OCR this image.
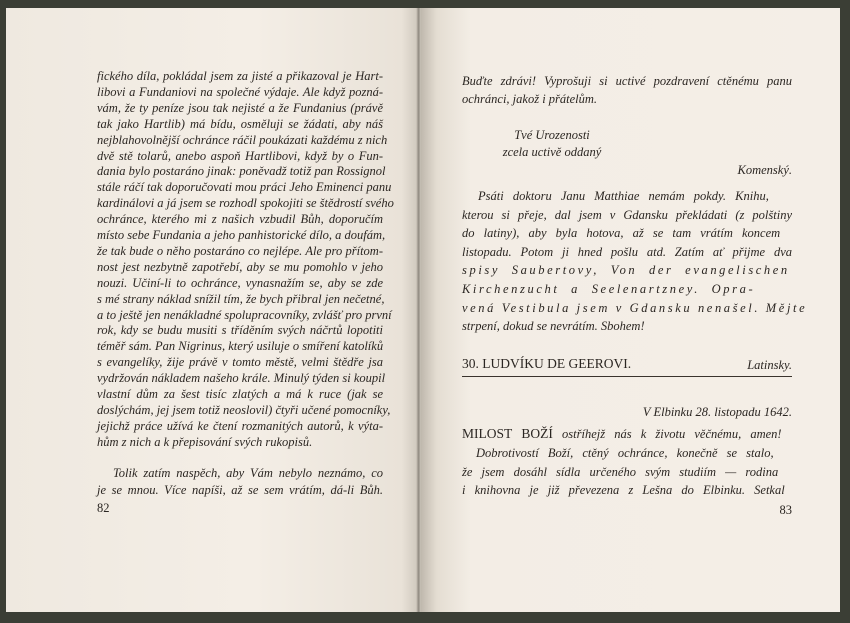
fického díla, pokládal jsem za jisté a přikazoval je Hart-
libovi a Fundaniovi na společné výdaje. Ale když pozná-
vám, že ty peníze jsou tak nejisté a že Fundanius (právě
tak jako Hartlib) má bídu, osměluji se žádati, aby náš
nejblahovolnější ochránce ráčil poukázati každému z nich
dvě stě tolarů, anebo aspoň Hartlibovi, když by o Fun-
dania bylo postaráno jinak: poněvadž totiž pan Rossignol
stále ráčí tak doporučovati mou práci Jeho Eminenci panu
kardinálovi a já jsem se rozhodl spokojiti se štědrostí svého
ochránce, kterého mi z našich vzbudil Bůh, doporučím
místo sebe Fundania a jeho panhistorické dílo, a doufám,
že tak bude o něho postaráno co nejlépe. Ale pro přítom-
nost jest nezbytně zapotřebí, aby se mu pomohlo v jeho
nouzi. Učiní-li to ochránce, vynasnažím se, aby se zde
s mé strany náklad snížil tím, že bych přibral jen nečetné,
a to ještě jen nenákladné spolupracovníky, zvlášť pro první
rok, kdy se budu musiti s tříděním svých náčrtů lopotiti
téměř sám. Pan Nigrinus, který usiluje o smíření katolíků
s evangelíky, žije právě v tomto městě, velmi štědře jsa
vydržován nákladem našeho krále. Minulý týden si koupil
vlastní dům za šest tisíc zlatých a má k ruce (jak se
doslýchám, jej jsem totiž neoslovil) čtyři učené pomocníky,
jejichž práce užívá ke čtení rozmanitých autorů, k výta-
hům z nich a k přepisování svých rukopisů.
Tolik zatím naspěch, aby Vám nebylo neznámo, co
je se mnou. Více napíši, až se sem vrátím, dá-li Bůh.
82
Buďte zdrávi! Vyprošuji si uctivé pozdravení ctěnému panu
ochránci, jakož i přátelům.
Tvé Urozenosti
zcela uctivě oddaný
Komenský.
Psáti doktoru Janu Matthiae nemám pokdy. Knihu,
kterou si přeje, dal jsem v Gdansku překládati (z polštiny
do latiny), aby byla hotova, až se tam vrátím koncem
listopadu. Potom ji hned pošlu atd. Zatím ať přijme dva
spisy Saubertovy, Von der evangelischen
Kirchenzucht a Seelenartzney. Opra-
vená Vestibula jsem v Gdansku nenašel. Mějte
strpení, dokud se nevrátím. Sbohem!
30. LUDVÍKU DE GEEROVI.	Latinsky.
V Elbinku 28. listopadu 1642.
MILOST BOŽÍ ostříhejž nás k životu věčnému, amen!
Dobrotivostí Boží, ctěný ochránce, konečně se stalo,
že jsem dosáhl sídla určeného svým studiím — rodina
i knihovna je již převezena z Lešna do Elbinku. Setkal
83
